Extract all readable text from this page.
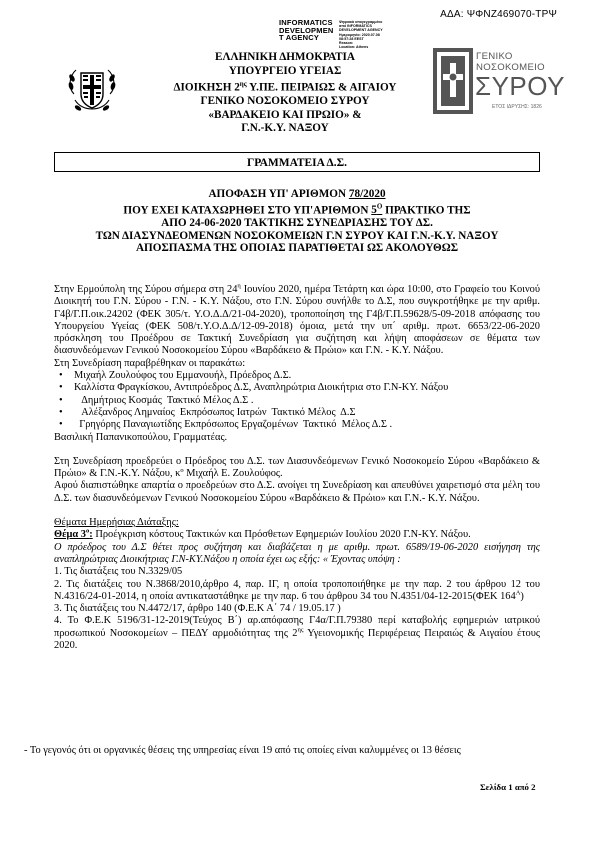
ΑΔΑ: ΨΦΝΖ469070-ΤΡΨ
INFORMATICS
DEVELOPMEN
T AGENCY
Ψηφιακά υπογεγραμμένο
από INFORMATICS
DEVELOPMENT AGENCY
Ημερομηνία: 2020.07.08
08:57:28 EEST
Reason:
Location: Athens
ΕΛΛΗΝΙΚΗ ΔΗΜΟΚΡΑΤΙΑ
ΥΠΟΥΡΓΕΙΟ ΥΓΕΙΑΣ
ΔΙΟΙΚΗΣΗ $2^{\eta\varsigma}$ Υ.ΠΕ. ΠΕΙΡΑΙΩΣ & ΑΙΓΑΙΟΥ
ΓΕΝΙΚΟ ΝΟΣΟΚΟΜΕΙΟ ΣΥΡΟΥ
«ΒΑΡΔΑΚΕΙΟ ΚΑΙ ΠΡΩΙΟ» &
Γ.Ν.-Κ.Υ. ΝΑΞΟΥ
ΓΕΝΙΚΟ
ΝΟΣΟΚΟΜΕΙΟ
ΣΥΡΟΥ
ΕΤΟΣ ΙΔΡΥΣΗΣ: 1826
ΓΡΑΜΜΑΤΕΙΑ Δ.Σ.
ΑΠΟΦΑΣΗ ΥΠ' ΑΡΙΘΜΟΝ 78/2020
ΠΟΥ ΕΧΕΙ ΚΑΤΑΧΩΡΗΘΕΙ ΣΤΟ ΥΠ'ΑΡΙΘΜΟΝ $5^O$ ΠΡΑΚΤΙΚΟ ΤΗΣ
ΑΠΟ 24-06-2020 ΤΑΚΤΙΚΗΣ ΣΥΝΕΔΡΙΑΣΗΣ ΤΟΥ ΔΣ.
ΤΩΝ ΔΙΑΣΥΝΔΕΟΜΕΝΩΝ ΝΟΣΟΚΟΜΕΙΩΝ Γ.Ν ΣΥΡΟΥ ΚΑΙ Γ.Ν.-Κ.Υ. ΝΑΞΟΥ
ΑΠΟΣΠΑΣΜΑ ΤΗΣ ΟΠΟΙΑΣ ΠΑΡΑΤΙΘΕΤΑΙ ΩΣ ΑΚΟΛΟΥΘΩΣ

Στην Ερμούπολη της Σύρου σήμερα στη $24^\eta$ Ιουνίου 2020, ημέρα Τετάρτη και ώρα 10:00, στο Γραφείο του Κοινού Διοικητή του Γ.Ν. Σύρου - Γ.Ν. - Κ.Υ. Νάξου, στο Γ.Ν. Σύρου συνήλθε το Δ.Σ, που συγκροτήθηκε με την αριθμ. Γ4β/Γ.Π.οικ.24202 (ΦΕΚ 305/τ. Υ.Ο.Δ.Δ/21-04-2020), τροποποίηση της Γ4β/Γ.Π.59628/5-09-2018 απόφασης του Υπουργείου Υγείας (ΦΕΚ 508/τ.Υ.Ο.Δ.Δ/12-09-2018) όμοια, μετά την υπ΄ αριθμ. πρωτ. 6653/22-06-2020 πρόσκληση του Προέδρου σε Τακτική Συνεδρίαση για συζήτηση και λήψη αποφάσεων σε θέματα των διασυνδεόμενων Γενικού Νοσοκομείου Σύρου «Βαρδάκειο & Πρώιο» και Γ.Ν. - Κ.Υ. Νάξου.

Στη Συνεδρίαση παραβρέθηκαν οι παρακάτω:

• Μιχαήλ Ζουλούφος του Εμμανουήλ, Πρόεδρος Δ.Σ.
• Καλλίστα Φραγκίσκου, Αντιπρόεδρος Δ.Σ, Αναπληρώτρια Διοικήτρια στο Γ.Ν-ΚΥ. Νάξου
•    Δημήτριος Κοσμάς  Τακτικό Μέλος Δ.Σ .
•    Αλέξανδρος Λημναίος  Εκπρόσωπος Ιατρών  Τακτικό Μέλος  Δ.Σ
•   Γρηγόρης Παναγιωτίδης Εκπρόσωπος Εργαζομένων  Τακτικό  Μέλος Δ.Σ .

Βασιλική Παπανικοπούλου, Γραμματέας.

Στη Συνεδρίαση προεδρεύει ο Πρόεδρος του Δ.Σ. των Διασυνδεόμενων Γενικό Νοσοκομείο Σύρου «Βαρδάκειο & Πρώιο» & Γ.Ν.-Κ.Υ. Νάξου, κº Μιχαήλ Ε. Ζουλούφος.

Αφού διαπιστώθηκε απαρτία ο προεδρεύων στο Δ.Σ. ανοίγει τη Συνεδρίαση και απευθύνει χαιρετισμό στα μέλη του Δ.Σ. των διασυνδεόμενων Γενικού Νοσοκομείου Σύρου «Βαρδάκειο & Πρώιο» και Γ.Ν.- Κ.Υ. Νάξου.

Θέματα Ημερήσιας Διάταξης:

Θέμα $3^o$: Προέγκριση κόστους Τακτικών και Πρόσθετων Εφημεριών Ιουλίου 2020 Γ.Ν-ΚΥ. Νάξου.

Ο πρόεδρος του Δ.Σ θέτει προς συζήτηση και διαβάζεται η με αριθμ. πρωτ. 6589/19-06-2020 εισήγηση της αναπληρώτριας Διοικήτριας Γ.Ν-ΚΥ.Νάξου η οποία έχει ως εξής: « Έχοντας υπόψη :

1. Τις διατάξεις του Ν.3329/05

2. Τις διατάξεις του Ν.3868/2010,άρθρο 4, παρ. ΙΓ, η οποία τροποποιήθηκε με την παρ. 2 του άρθρου 12 του Ν.4316/24-01-2014, η οποία αντικαταστάθηκε με την παρ. 6 του άρθρου 34 του Ν.4351/04-12-2015(ΦΕΚ $164^A$)

3. Τις διατάξεις του Ν.4472/17, άρθρο 140 (Φ.Ε.Κ Α΄ 74 / 19.05.17 )

4. Το Φ.Ε.Κ 5196/31-12-2019(Τεύχος Β΄) αρ.απόφασης Γ4α/Γ.Π.79380 περί καταβολής εφημεριών ιατρικού προσωπικού Νοσοκομείων – ΠΕΔΥ αρμοδιότητας της $2^{\eta\varsigma}$ Υγειονομικής Περιφέρειας Πειραιώς & Αιγαίου έτους 2020.

- Το γεγονός ότι οι οργανικές θέσεις της υπηρεσίας είναι 19 από τις οποίες είναι καλυμμένες οι 13 θέσεις
Σελίδα 1 από 2
